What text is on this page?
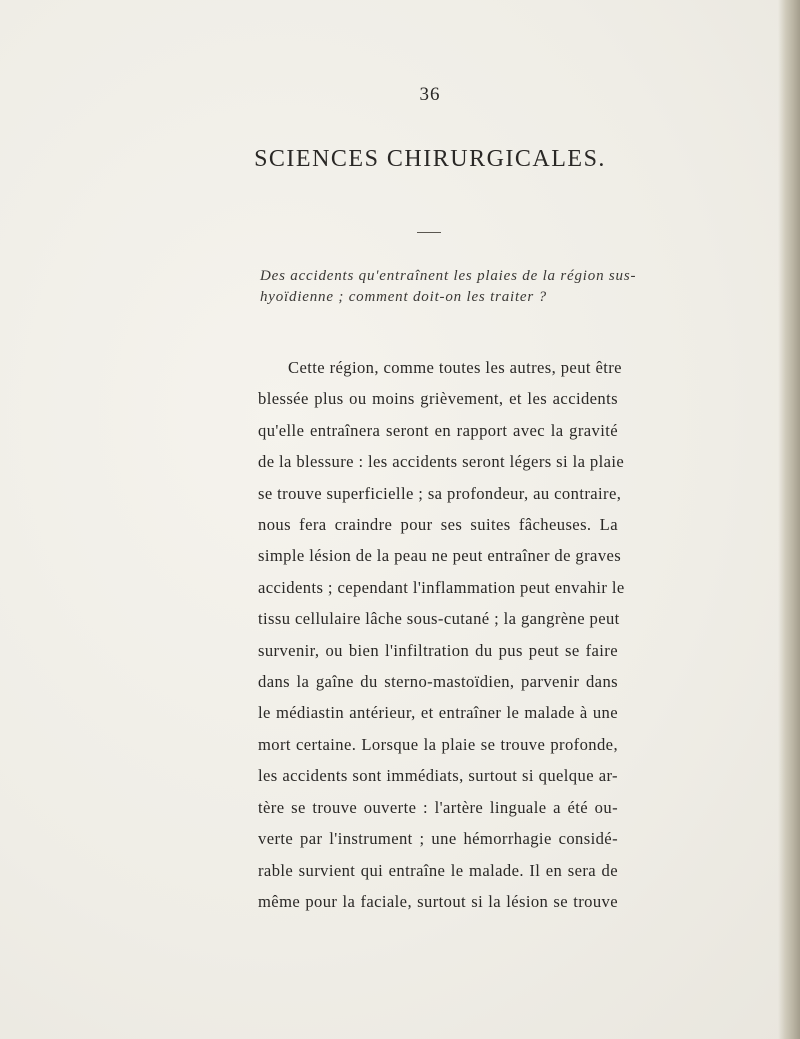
36
SCIENCES CHIRURGICALES.

Des accidents qu'entraînent les plaies de la région sus-
hyoïdienne ; comment doit-on les traiter ?

Cette région, comme toutes les autres, peut être
blessée plus ou moins grièvement, et les accidents
qu'elle entraînera seront en rapport avec la gravité
de la blessure : les accidents seront légers si la plaie
se trouve superficielle ; sa profondeur, au contraire,
nous fera craindre pour ses suites fâcheuses. La
simple lésion de la peau ne peut entraîner de graves
accidents ; cependant l'inflammation peut envahir le
tissu cellulaire lâche sous-cutané ; la gangrène peut
survenir, ou bien l'infiltration du pus peut se faire
dans la gaîne du sterno-mastoïdien, parvenir dans
le médiastin antérieur, et entraîner le malade à une
mort certaine. Lorsque la plaie se trouve profonde,
les accidents sont immédiats, surtout si quelque ar-
tère se trouve ouverte : l'artère linguale a été ou-
verte par l'instrument ; une hémorrhagie considé-
rable survient qui entraîne le malade. Il en sera de
même pour la faciale, surtout si la lésion se trouve
